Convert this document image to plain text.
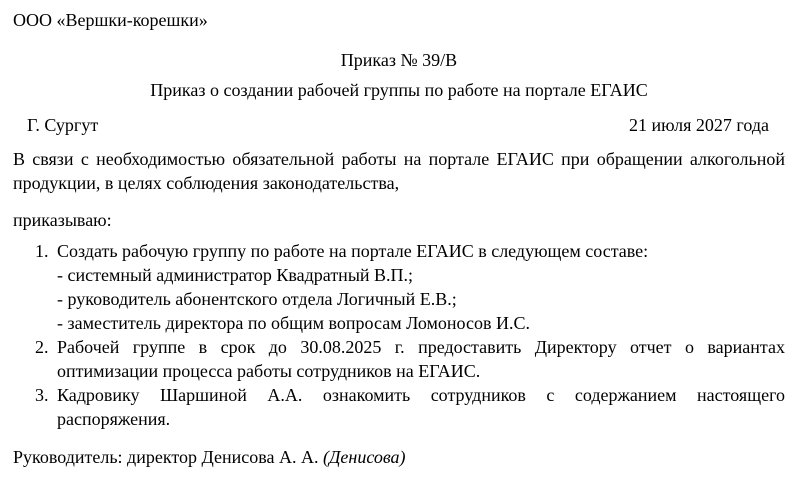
ООО «Вершки-корешки»
Приказ № 39/В
Приказ о создании рабочей группы по работе на портале ЕГАИС
Г. Сургут	21 июля 2027 года
В связи с необходимостью обязательной работы на портале ЕГАИС при обращении алкогольной продукции, в целях соблюдения законодательства,
приказываю:
1. Создать рабочую группу по работе на портале ЕГАИС в следующем составе:
- системный администратор Квадратный В.П.;
- руководитель абонентского отдела Логичный Е.В.;
- заместитель директора по общим вопросам Ломоносов И.С.
2. Рабочей группе в срок до 30.08.2025 г. предоставить Директору отчет о вариантах оптимизации процесса работы сотрудников на ЕГАИС.
3. Кадровику Шаршиной А.А. ознакомить сотрудников с содержанием настоящего распоряжения.
Руководитель: директор Денисова А. А. (Денисова)
